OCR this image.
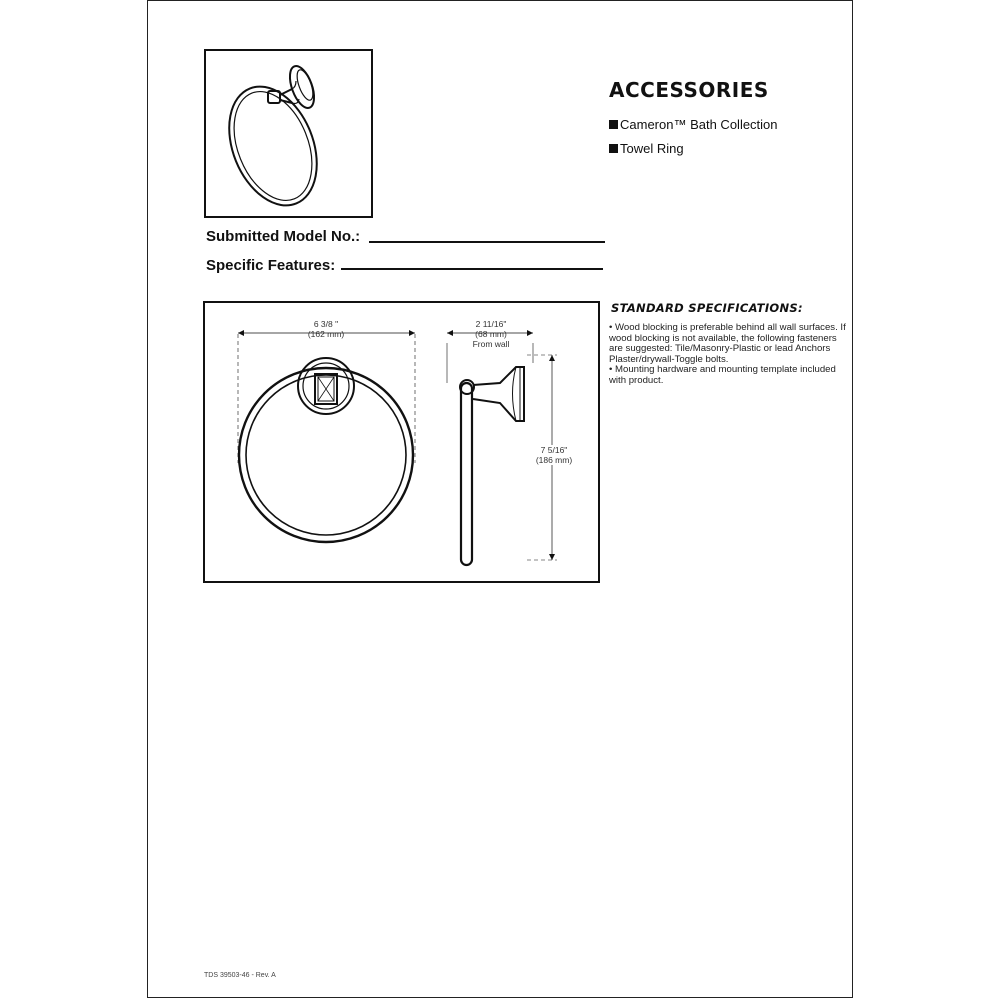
ACCESSORIES
Cameron™ Bath Collection
Towel Ring
Submitted Model No.:
Specific Features:
6 3/8 "
(162 mm)
2 11/16"
(68 mm)
From wall
7 5/16"
(186 mm)
STANDARD SPECIFICATIONS:

• Wood blocking is preferable behind all wall surfaces. If wood blocking is not available, the following fasteners are suggested: Tile/Masonry-Plastic or lead Anchors Plaster/drywall-Toggle bolts.

• Mounting hardware and mounting template included with product.

TDS 39503-46 - Rev. A
